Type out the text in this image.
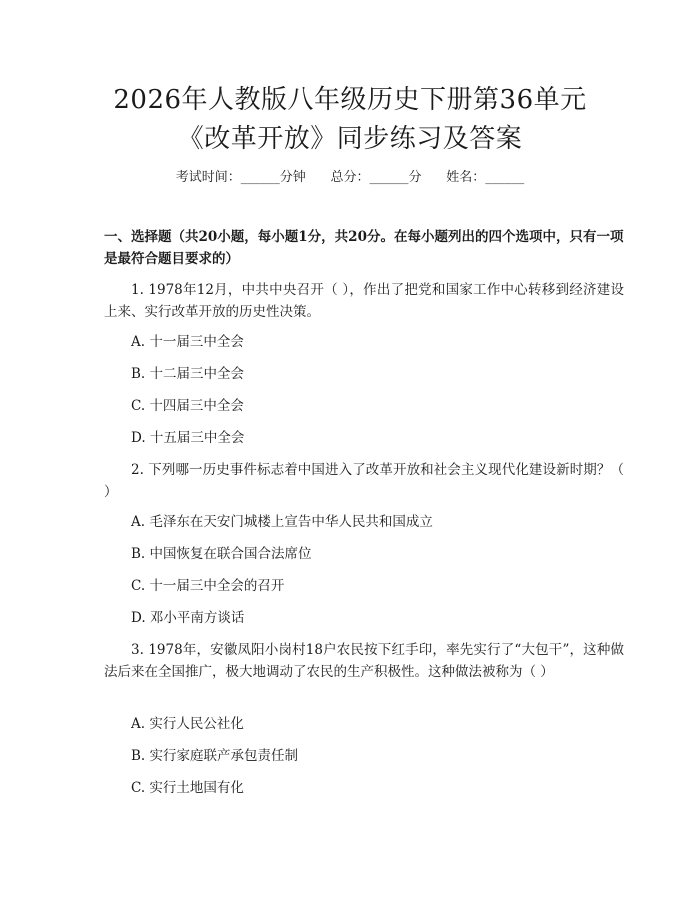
2026年人教版八年级历史下册第36单元
《改革开放》同步练习及答案
考试时间：______分钟      总分：______分      姓名：______
一、选择题（共20小题，每小题1分，共20分。在每小题列出的四个选项中，只有一项是最符合题目要求的）
1. 1978年12月，中共中央召开（ ），作出了把党和国家工作中心转移到经济建设上来、实行改革开放的历史性决策。
A. 十一届三中全会
B. 十二届三中全会
C. 十四届三中全会
D. 十五届三中全会
2. 下列哪一历史事件标志着中国进入了改革开放和社会主义现代化建设新时期？（ ）
A. 毛泽东在天安门城楼上宣告中华人民共和国成立
B. 中国恢复在联合国合法席位
C. 十一届三中全会的召开
D. 邓小平南方谈话
3. 1978年，安徽凤阳小岗村18户农民按下红手印，率先实行了“大包干”，这种做法后来在全国推广，极大地调动了农民的生产积极性。这种做法被称为（ ）
A. 实行人民公社化
B. 实行家庭联产承包责任制
C. 实行土地国有化
